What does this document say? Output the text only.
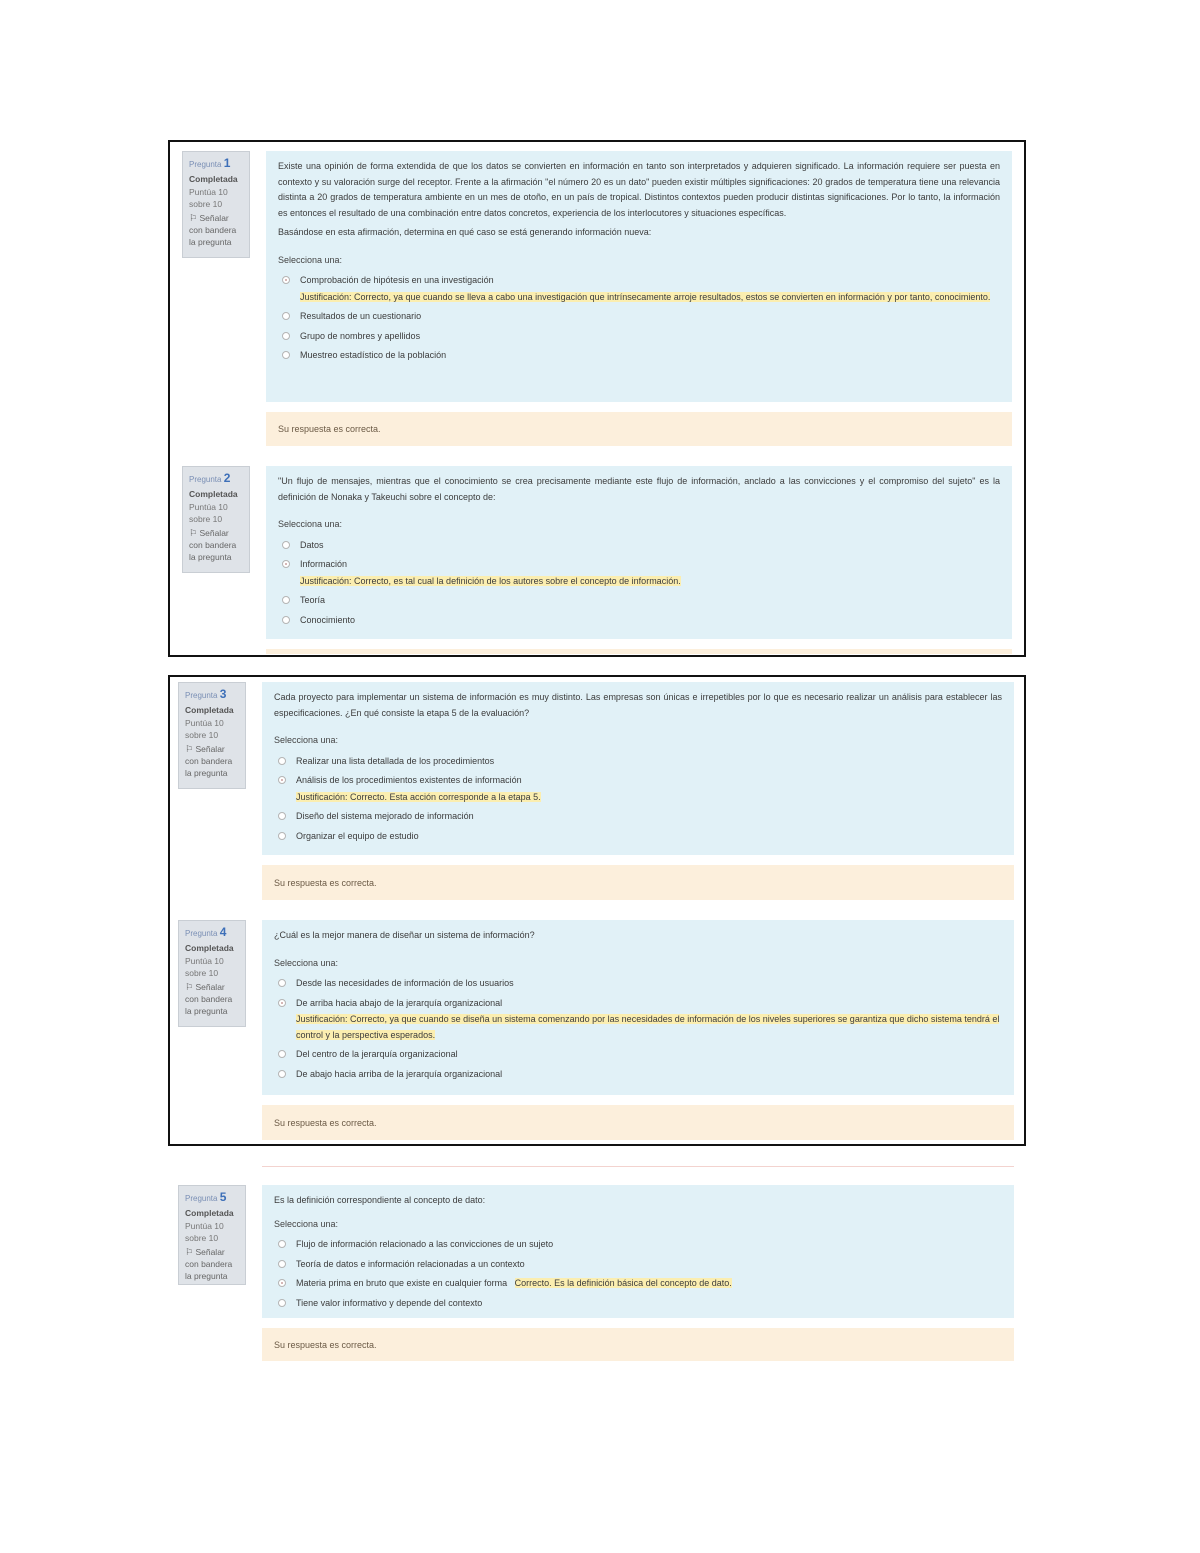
Pregunta 1
Completada
Puntúa 10 sobre 10
⚐ Señalar con bandera la pregunta
Existe una opinión de forma extendida de que los datos se convierten en información en tanto son interpretados y adquieren significado. La información requiere ser puesta en contexto y su valoración surge del receptor. Frente a la afirmación "el número 20 es un dato" pueden existir múltiples significaciones: 20 grados de temperatura tiene una relevancia distinta a 20 grados de temperatura ambiente en un mes de otoño, en un país de tropical. Distintos contextos pueden producir distintas significaciones. Por lo tanto, la información es entonces el resultado de una combinación entre datos concretos, experiencia de los interlocutores y situaciones específicas.
Basándose en esta afirmación, determina en qué caso se está generando información nueva:
Selecciona una:
Comprobación de hipótesis en una investigación
Justificación: Correcto, ya que cuando se lleva a cabo una investigación que intrínsecamente arroje resultados, estos se convierten en información y por tanto, conocimiento.
Resultados de un cuestionario
Grupo de nombres y apellidos
Muestreo estadístico de la población
Su respuesta es correcta.
Pregunta 2
Completada
Puntúa 10 sobre 10
⚐ Señalar con bandera la pregunta
"Un flujo de mensajes, mientras que el conocimiento se crea precisamente mediante este flujo de información, anclado a las convicciones y el compromiso del sujeto" es la definición de Nonaka y Takeuchi sobre el concepto de:
Selecciona una:
Datos
Información
Justificación: Correcto, es tal cual la definición de los autores sobre el concepto de información.
Teoría
Conocimiento
Pregunta 3
Completada
Puntúa 10 sobre 10
⚐ Señalar con bandera la pregunta
Cada proyecto para implementar un sistema de información es muy distinto. Las empresas son únicas e irrepetibles por lo que es necesario realizar un análisis para establecer las especificaciones. ¿En qué consiste la etapa 5 de la evaluación?
Selecciona una:
Realizar una lista detallada de los procedimientos
Análisis de los procedimientos existentes de información
Justificación: Correcto. Esta acción corresponde a la etapa 5.
Diseño del sistema mejorado de información
Organizar el equipo de estudio
Su respuesta es correcta.
Pregunta 4
Completada
Puntúa 10 sobre 10
⚐ Señalar con bandera la pregunta
¿Cuál es la mejor manera de diseñar un sistema de información?
Selecciona una:
Desde las necesidades de información de los usuarios
De arriba hacia abajo de la jerarquía organizacional
Justificación: Correcto, ya que cuando se diseña un sistema comenzando por las necesidades de información de los niveles superiores se garantiza que dicho sistema tendrá el control y la perspectiva esperados.
Del centro de la jerarquía organizacional
De abajo hacia arriba de la jerarquía organizacional
Su respuesta es correcta.
Pregunta 5
Completada
Puntúa 10 sobre 10
⚐ Señalar con bandera la pregunta
Es la definición correspondiente al concepto de dato:
Selecciona una:
Flujo de información relacionado a las convicciones de un sujeto
Teoría de datos e información relacionadas a un contexto
Materia prima en bruto que existe en cualquier forma Correcto. Es la definición básica del concepto de dato.
Tiene valor informativo y depende del contexto
Su respuesta es correcta.
